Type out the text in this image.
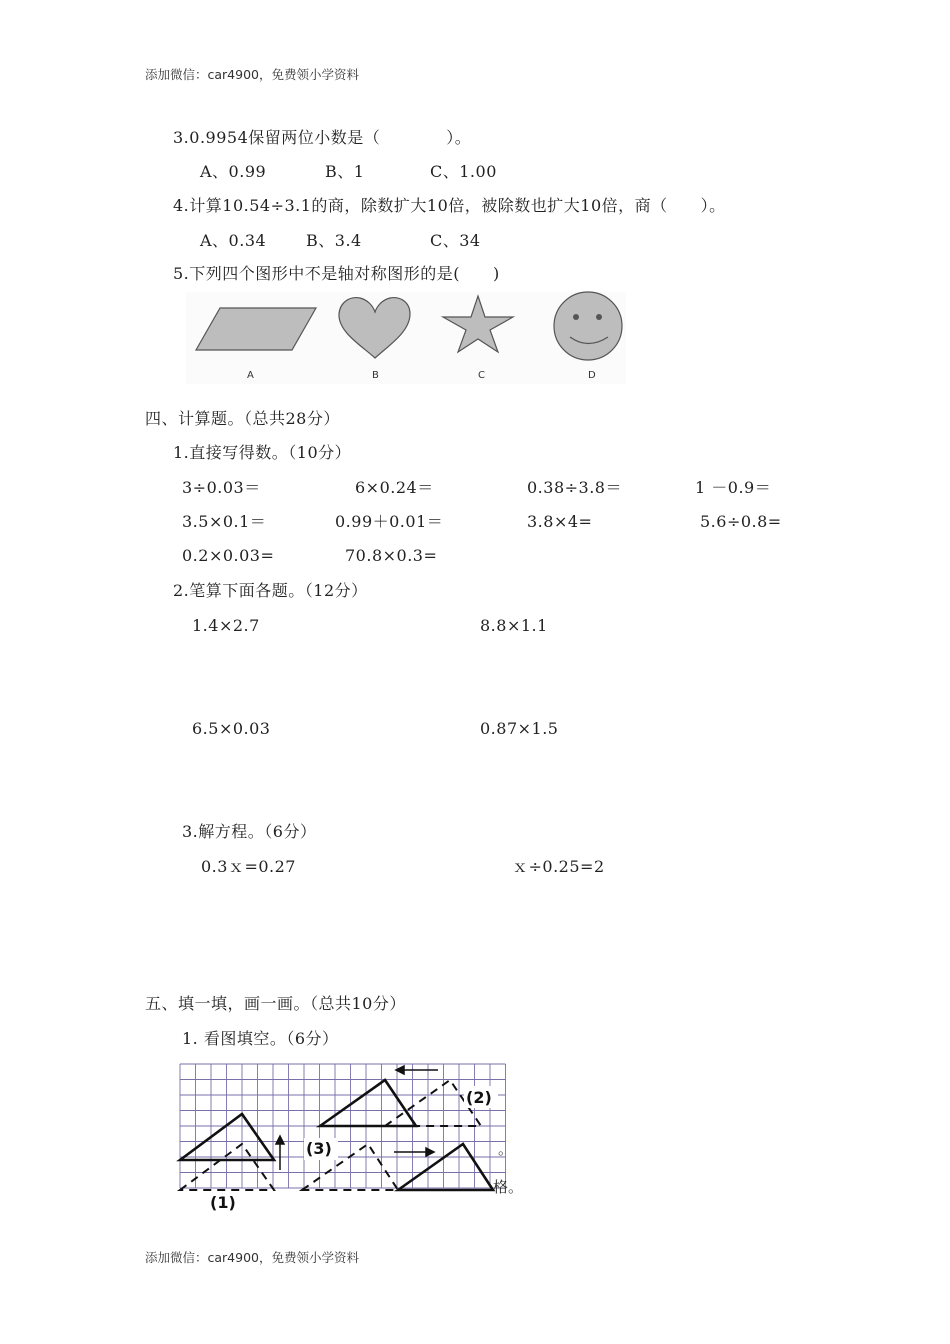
添加微信：car4900，免费领小学资料
3.0.9954保留两位小数是（　　　　）。
A、0.99	B、1	C、1.00
4.计算10.54÷3.1的商，除数扩大10倍，被除数也扩大10倍，商（　　）。
A、0.34 B、3.4	C、34
5.下列四个图形中不是轴对称图形的是(　　)
A	B	C	D
四、计算题。（总共28分）
1.直接写得数。（10分）
3÷0.03＝	6×0.24＝	0.38÷3.8＝	1 －0.9＝
3.5×0.1＝	0.99＋0.01＝	3.8×4=	5.6÷0.8=
0.2×0.03=	70.8×0.3=
2.笔算下面各题。（12分）
1.4×2.7	8.8×1.1
6.5×0.03	0.87×1.5
3.解方程。（6分）
0.3ｘ=0.27	ｘ÷0.25=2
五、填一填，画一画。（总共10分）
1. 看图填空。（6分）
(1)
(2)
(3)	。
格。
添加微信：car4900，免费领小学资料
